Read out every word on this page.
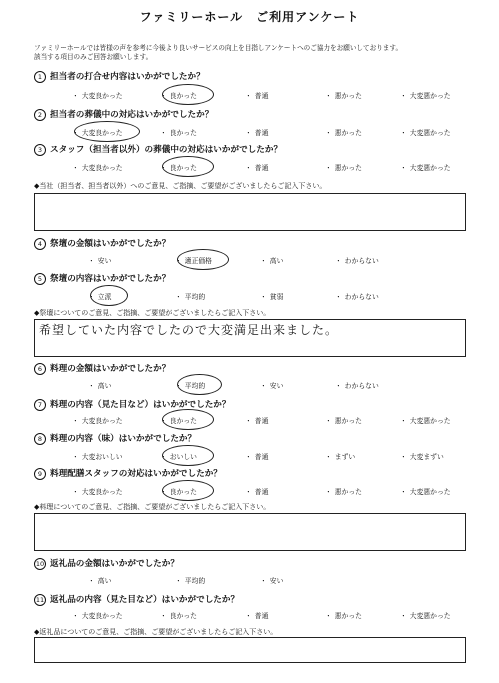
ファミリーホール　ご利用アンケート
ファミリーホールでは皆様の声を参考に今後より良いサービスの向上を目指しアンケートへのご協力をお願いしております。
該当する項目のみご回答お願いします。
1 担当者の打合せ内容はいかがでしたか？
・ 大変良かった	・ 良かった	・ 普通	・ 悪かった	・ 大変悪かった
2 担当者の葬儀中の対応はいかがでしたか？
・ 大変良かった	・ 良かった	・ 普通	・ 悪かった	・ 大変悪かった
3 スタッフ（担当者以外）の葬儀中の対応はいかがでしたか？
・ 大変良かった	・ 良かった	・ 普通	・ 悪かった	・ 大変悪かった
4 祭壇の金額はいかがでしたか？
・ 安い	・ 適正価格	・ 高い	・ わからない
5 祭壇の内容はいかがでしたか？
・ 立派	・ 平均的	・ 貧弱	・ わからない
6 料理の金額はいかがでしたか？
・ 高い	・ 平均的	・ 安い	・ わからない
7 料理の内容（見た目など）はいかがでしたか？
・ 大変良かった	・ 良かった	・ 普通	・ 悪かった	・ 大変悪かった
8 料理の内容（味）はいかがでしたか？
・ 大変おいしい	・ おいしい	・ 普通	・ まずい	・ 大変まずい
9 料理配膳スタッフの対応はいかがでしたか？
・ 大変良かった	・ 良かった	・ 普通	・ 悪かった	・ 大変悪かった
10 返礼品の金額はいかがでしたか？
・ 高い	・ 平均的	・ 安い
11 返礼品の内容（見た目など）はいかがでしたか？
・ 大変良かった	・ 良かった	・ 普通	・ 悪かった	・ 大変悪かった
◆当社（担当者、担当者以外）へのご意見、ご指摘、ご要望がございましたらご記入下さい。
◆祭壇についてのご意見、ご指摘、ご要望がございましたらご記入下さい。
希望していた内容でしたので大変満足出来ました。
◆料理についてのご意見、ご指摘、ご要望がございましたらご記入下さい。
◆返礼品についてのご意見、ご指摘、ご要望がございましたらご記入下さい。
